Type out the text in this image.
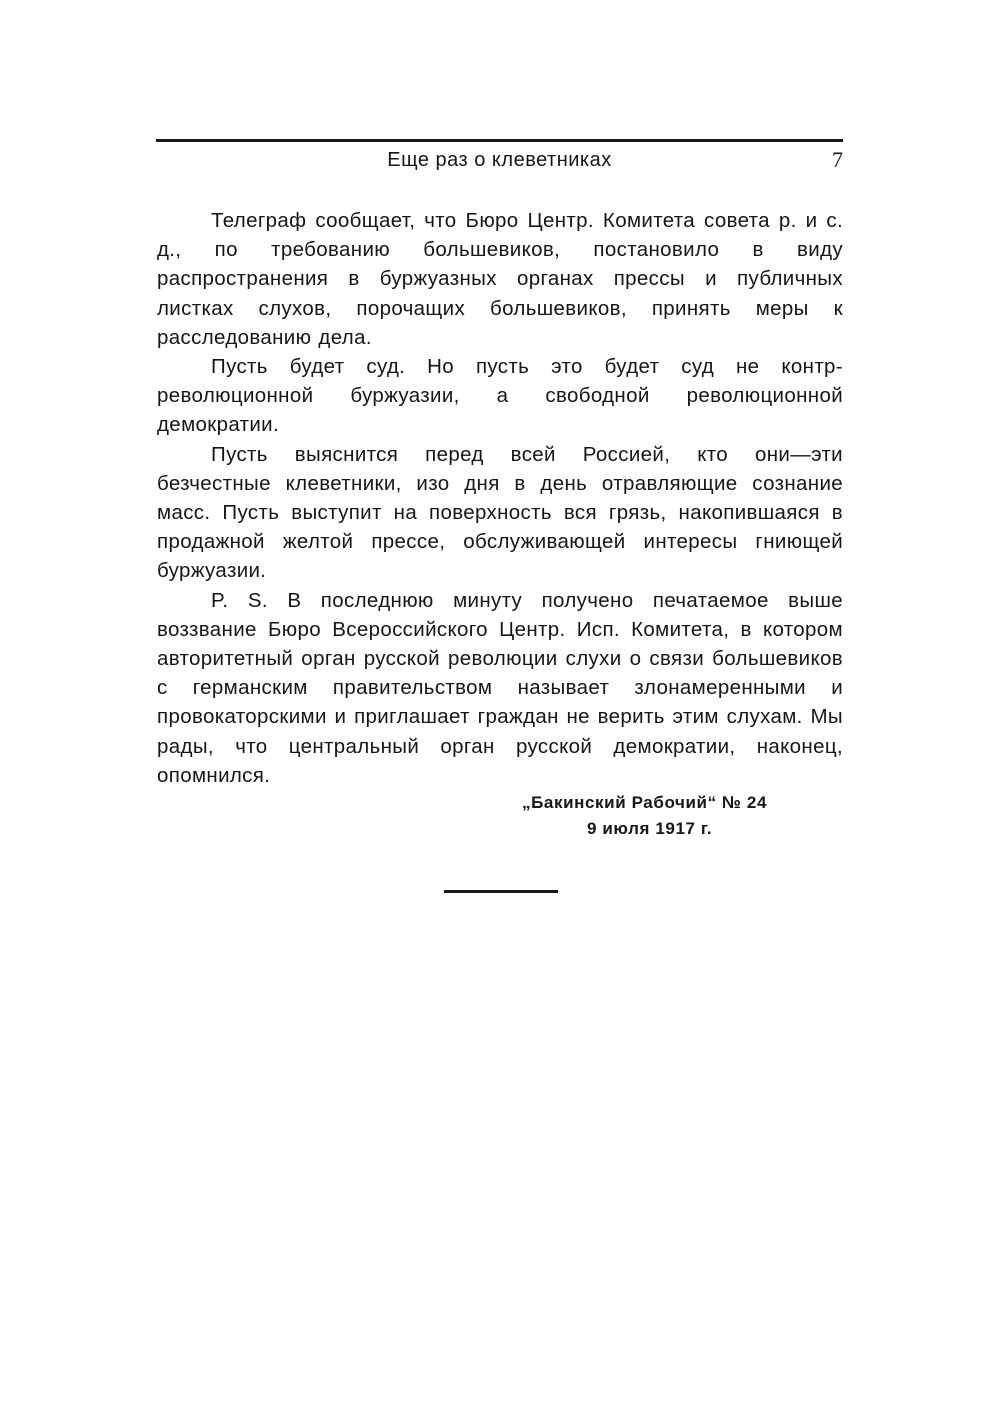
Еще раз о клеветниках	7

Телеграф сообщает, что Бюро Центр. Комитета совета р. и с. д., по требованию большевиков, постановило в виду распространения в буржуазных органах прессы и публичных листках слухов, порочащих большевиков, принять меры к расследованию дела.

Пусть будет суд. Но пусть это будет суд не контр-революционной буржуазии, а свободной революционной демократии.

Пусть выяснится перед всей Россией, кто они—эти безчестные клеветники, изо дня в день отравляющие сознание масс. Пусть выступит на поверхность вся грязь, накопившаяся в продажной желтой прессе, обслуживающей интересы гниющей буржуазии.

P. S. В последнюю минуту получено печатаемое выше воззвание Бюро Всероссийского Центр. Исп. Комитета, в котором авторитетный орган русской революции слухи о связи большевиков с германским правительством называет злонамеренными и провокаторскими и приглашает граждан не верить этим слухам. Мы рады, что центральный орган русской демократии, наконец, опомнился.

„Бакинский Рабочий“ № 24
9 июля 1917 г.
